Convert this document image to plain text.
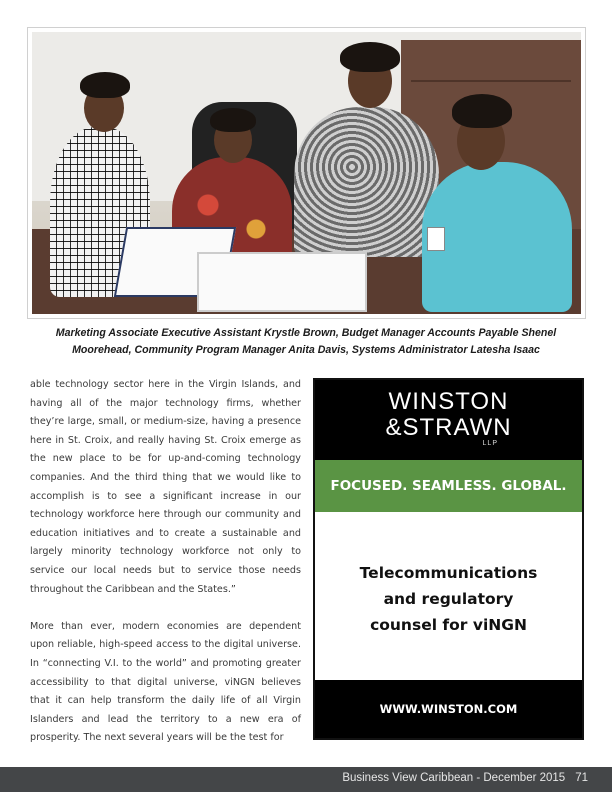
Marketing Associate Executive Assistant Krystle Brown, Budget Manager Accounts Payable Shenel
Moorehead, Community Program Manager Anita Davis, Systems Administrator Latesha Isaac

able technology sector here in the Virgin Islands, and having all of the major technology firms, whether they’re large, small, or medium-size, having a presence here in St. Croix, and really having St. Croix emerge as the new place to be for up-and-coming technology companies. And the third thing that we would like to accomplish is to see a significant increase in our technology workforce here through our community and education initiatives and to create a sustainable and largely minority technology workforce not only to service our local needs but to service those needs throughout the Caribbean and the States.”

More than ever, modern economies are dependent upon reliable, high-speed access to the digital universe. In “connecting V.I. to the world” and promoting greater accessibility to that digital universe, viNGN believes that it can help transform the daily life of all Virgin Islanders and lead the territory to a new era of prosperity. The next several years will be the test for

WINSTON
&STRAWN
LLP
FOCUSED. SEAMLESS. GLOBAL.
Telecommunications
and regulatory
counsel for viNGN
WWW.WINSTON.COM
Business View Caribbean - December 2015 71
